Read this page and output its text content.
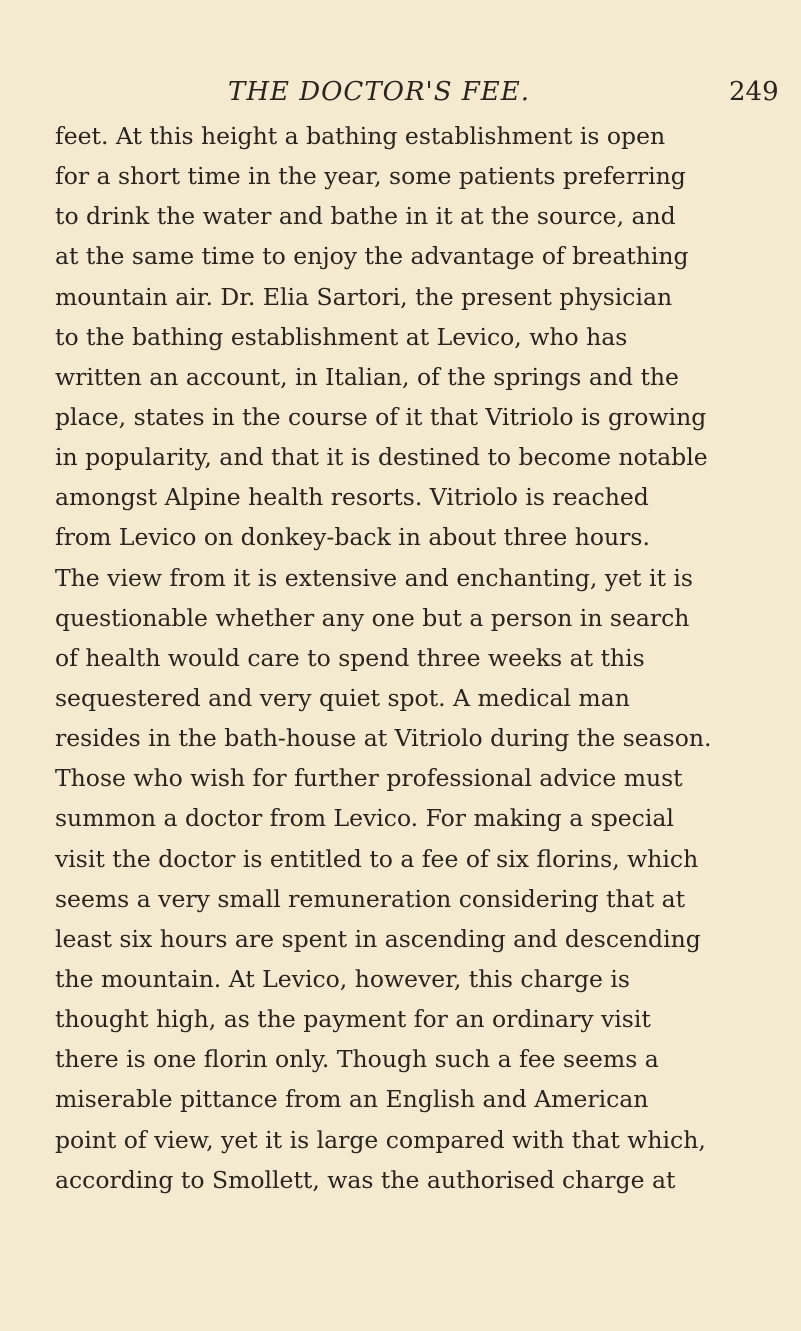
THE DOCTOR'S FEE.	249
feet. At this height a bathing establishment is open
for a short time in the year, some patients preferring
to drink the water and bathe in it at the source, and
at the same time to enjoy the advantage of breathing
mountain air. Dr. Elia Sartori, the present physician
to the bathing establishment at Levico, who has
written an account, in Italian, of the springs and the
place, states in the course of it that Vitriolo is growing
in popularity, and that it is destined to become notable
amongst Alpine health resorts. Vitriolo is reached
from Levico on donkey-back in about three hours.
The view from it is extensive and enchanting, yet it is
questionable whether any one but a person in search
of health would care to spend three weeks at this
sequestered and very quiet spot. A medical man
resides in the bath-house at Vitriolo during the season.
Those who wish for further professional advice must
summon a doctor from Levico. For making a special
visit the doctor is entitled to a fee of six florins, which
seems a very small remuneration considering that at
least six hours are spent in ascending and descending
the mountain. At Levico, however, this charge is
thought high, as the payment for an ordinary visit
there is one florin only. Though such a fee seems a
miserable pittance from an English and American
point of view, yet it is large compared with that which,
according to Smollett, was the authorised charge at
